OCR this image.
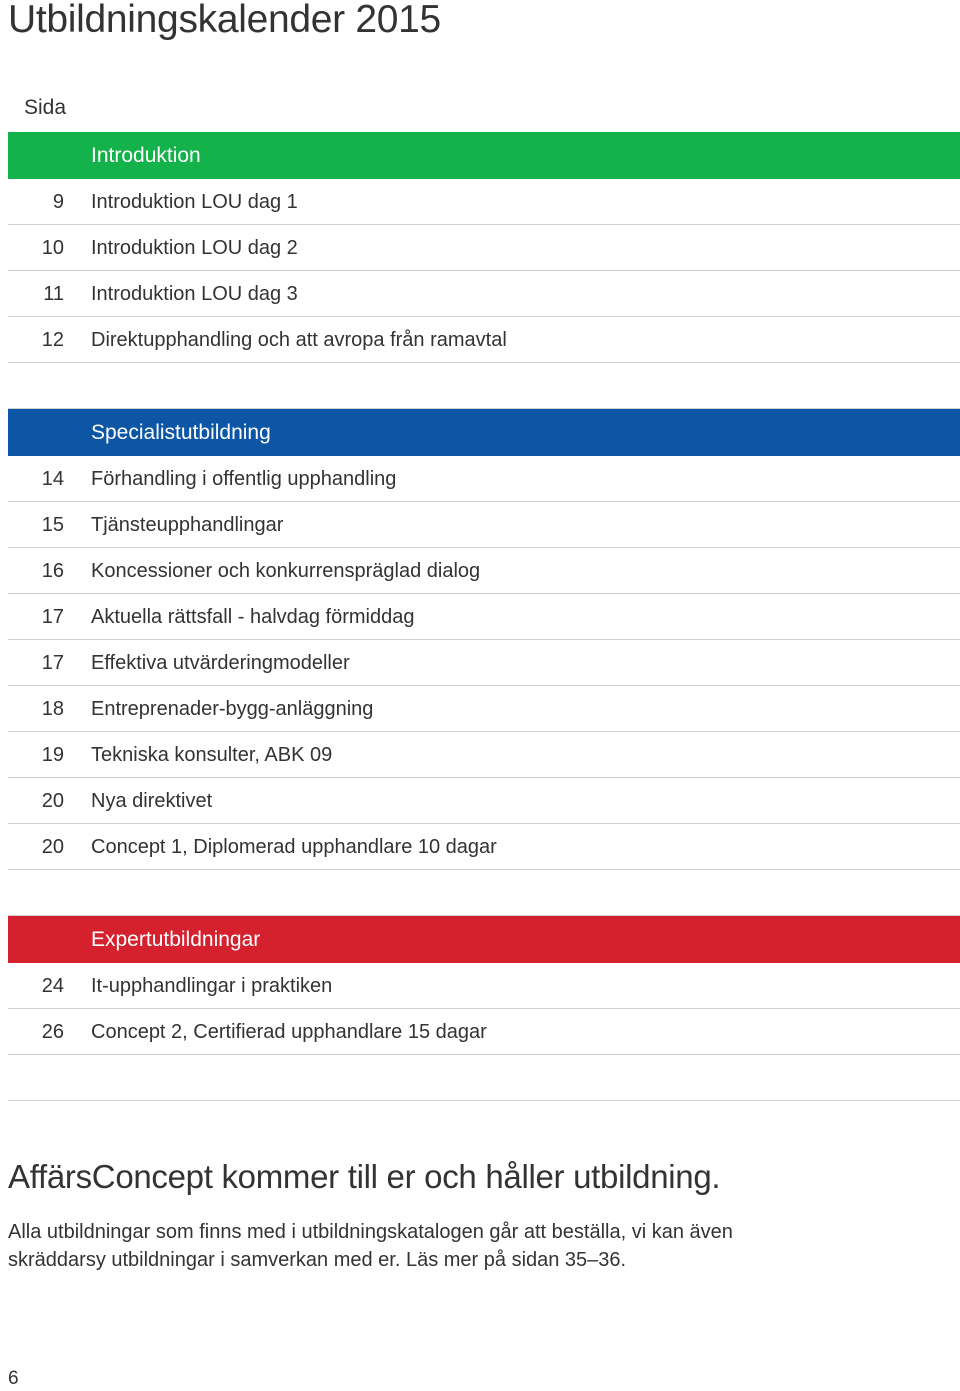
Utbildningskalender 2015
Sida
Introduktion
9 Introduktion LOU dag 1
10 Introduktion LOU dag 2
11 Introduktion LOU dag 3
12 Direktupphandling och att avropa från ramavtal
Specialistutbildning
14 Förhandling i offentlig upphandling
15 Tjänsteupphandlingar
16 Koncessioner och konkurrenspräglad dialog
17 Aktuella rättsfall - halvdag förmiddag
17 Effektiva utvärderingmodeller
18 Entreprenader-bygg-anläggning
19 Tekniska konsulter, ABK 09
20 Nya direktivet
20 Concept 1, Diplomerad upphandlare 10 dagar
Expertutbildningar
24 It-upphandlingar i praktiken
26 Concept 2, Certifierad upphandlare 15 dagar
AffärsConcept kommer till er och håller utbildning.
Alla utbildningar som finns med i utbildningskatalogen går att beställa, vi kan även
skräddarsy utbildningar i samverkan med er. Läs mer på sidan 35–36.
6
